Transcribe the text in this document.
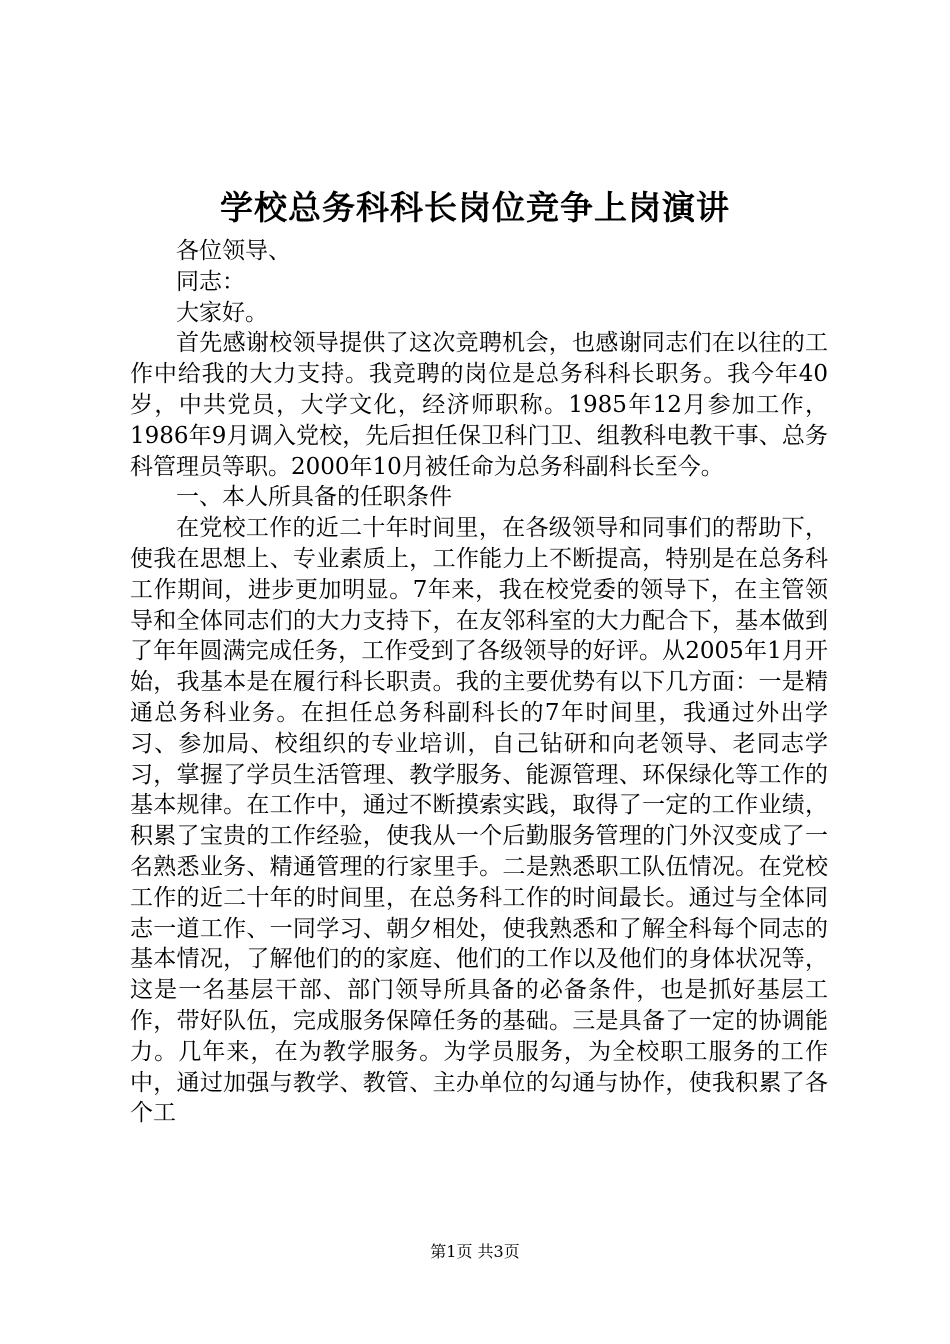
学校总务科科长岗位竞争上岗演讲

各位领导、

同志：

大家好。

首先感谢校领导提供了这次竞聘机会，也感谢同志们在以往的工作中给我的大力支持。我竞聘的岗位是总务科科长职务。我今年40岁，中共党员，大学文化，经济师职称。1985年12月参加工作，1986年9月调入党校，先后担任保卫科门卫、组教科电教干事、总务科管理员等职。2000年10月被任命为总务科副科长至今。

一、本人所具备的任职条件

在党校工作的近二十年时间里，在各级领导和同事们的帮助下，使我在思想上、专业素质上，工作能力上不断提高，特别是在总务科工作期间，进步更加明显。7年来，我在校党委的领导下，在主管领导和全体同志们的大力支持下，在友邻科室的大力配合下，基本做到了年年圆满完成任务，工作受到了各级领导的好评。从2005年1月开始，我基本是在履行科长职责。我的主要优势有以下几方面：一是精通总务科业务。在担任总务科副科长的7年时间里，我通过外出学习、参加局、校组织的专业培训，自己钻研和向老领导、老同志学习，掌握了学员生活管理、教学服务、能源管理、环保绿化等工作的基本规律。在工作中，通过不断摸索实践，取得了一定的工作业绩，积累了宝贵的工作经验，使我从一个后勤服务管理的门外汉变成了一名熟悉业务、精通管理的行家里手。二是熟悉职工队伍情况。在党校工作的近二十年的时间里，在总务科工作的时间最长。通过与全体同志一道工作、一同学习、朝夕相处，使我熟悉和了解全科每个同志的基本情况，了解他们的的家庭、他们的工作以及他们的身体状况等，这是一名基层干部、部门领导所具备的必备条件，也是抓好基层工作，带好队伍，完成服务保障任务的基础。三是具备了一定的协调能力。几年来，在为教学服务。为学员服务，为全校职工服务的工作中，通过加强与教学、教管、主办单位的勾通与协作，使我积累了各个工

第1页 共3页
